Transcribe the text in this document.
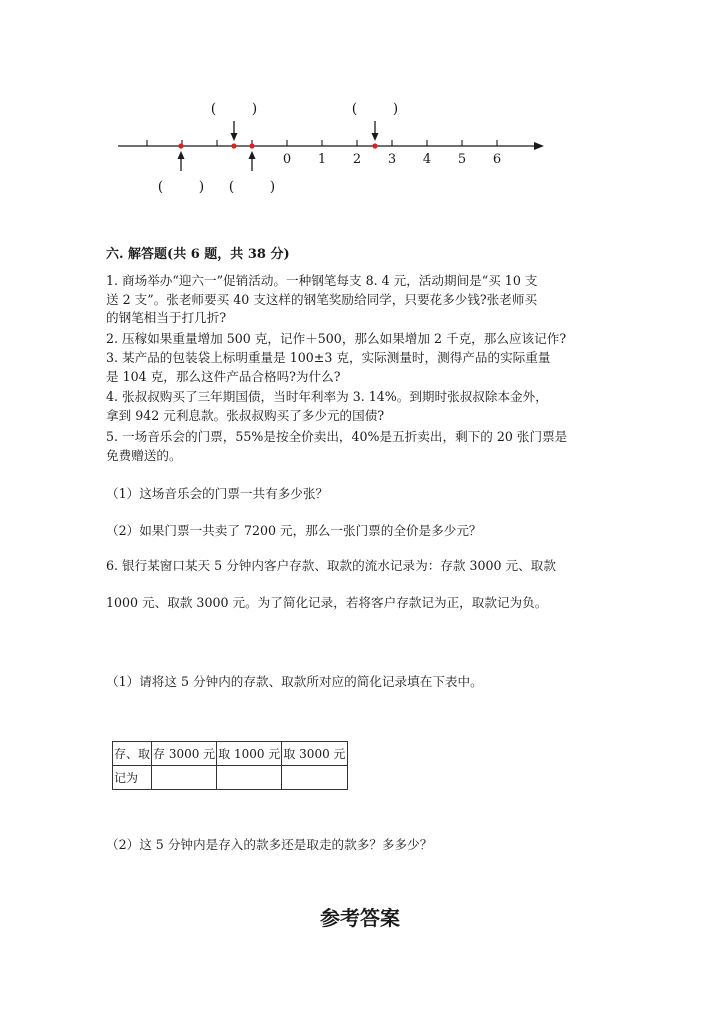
0 1 2 3 4 5 6
(        )	(        )
(        ) (        )
六. 解答题(共 6 题，共 38 分)
1. 商场举办“迎六一”促销活动。一种钢笔每支 8. 4 元，活动期间是“买 10 支
送 2 支”。张老师要买 40 支这样的钢笔奖励给同学，只要花多少钱?张老师买
的钢笔相当于打几折?
2. 压稼如果重量增加 500 克，记作＋500，那么如果增加 2 千克，那么应该记作?
3. 某产品的包装袋上标明重量是 100±3 克，实际测量时，测得产品的实际重量
是 104 克，那么这件产品合格吗?为什么?
4. 张叔叔购买了三年期国债，当时年利率为 3. 14%。到期时张叔叔除本金外，
拿到 942 元利息款。张叔叔购买了多少元的国债?
5. 一场音乐会的门票，55%是按全价卖出，40%是五折卖出，剩下的 20 张门票是
免费赠送的。
（1）这场音乐会的门票一共有多少张？
（2）如果门票一共卖了 7200 元，那么一张门票的全价是多少元？
6. 银行某窗口某天 5 分钟内客户存款、取款的流水记录为：存款 3000 元、取款
1000 元、取款 3000 元。为了简化记录，若将客户存款记为正，取款记为负。
（1）请将这 5 分钟内的存款、取款所对应的简化记录填在下表中。
存、取	存 3000 元	取 1000 元	取 3000 元
记为			
（2）这 5 分钟内是存入的款多还是取走的款多？多多少？
参考答案
